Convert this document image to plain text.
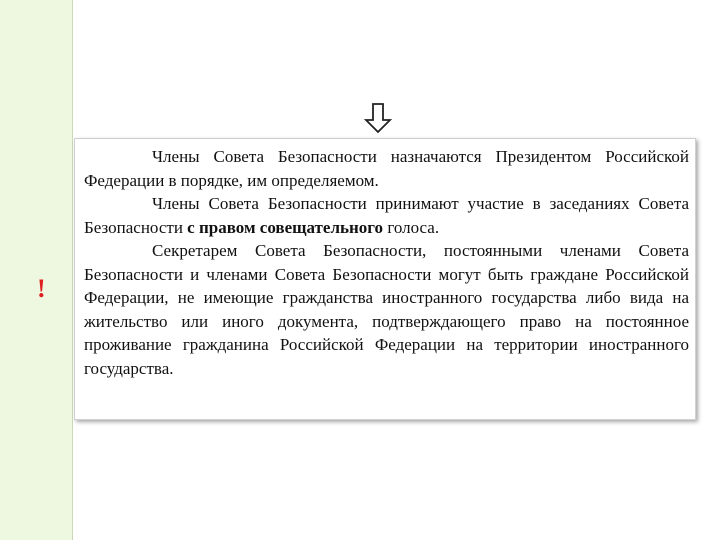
!

Члены Совета Безопасности назначаются Президентом Российской Федерации в порядке, им определяемом.

Члены Совета Безопасности принимают участие в заседаниях Совета Безопасности с правом совещательного голоса.

Секретарем Совета Безопасности, постоянными членами Совета Безопасности и членами Совета Безопасности могут быть граждане Российской Федерации, не имеющие гражданства иностранного государства либо вида на жительство или иного документа, подтверждающего право на постоянное проживание гражданина Российской Федерации на территории иностранного государства.
